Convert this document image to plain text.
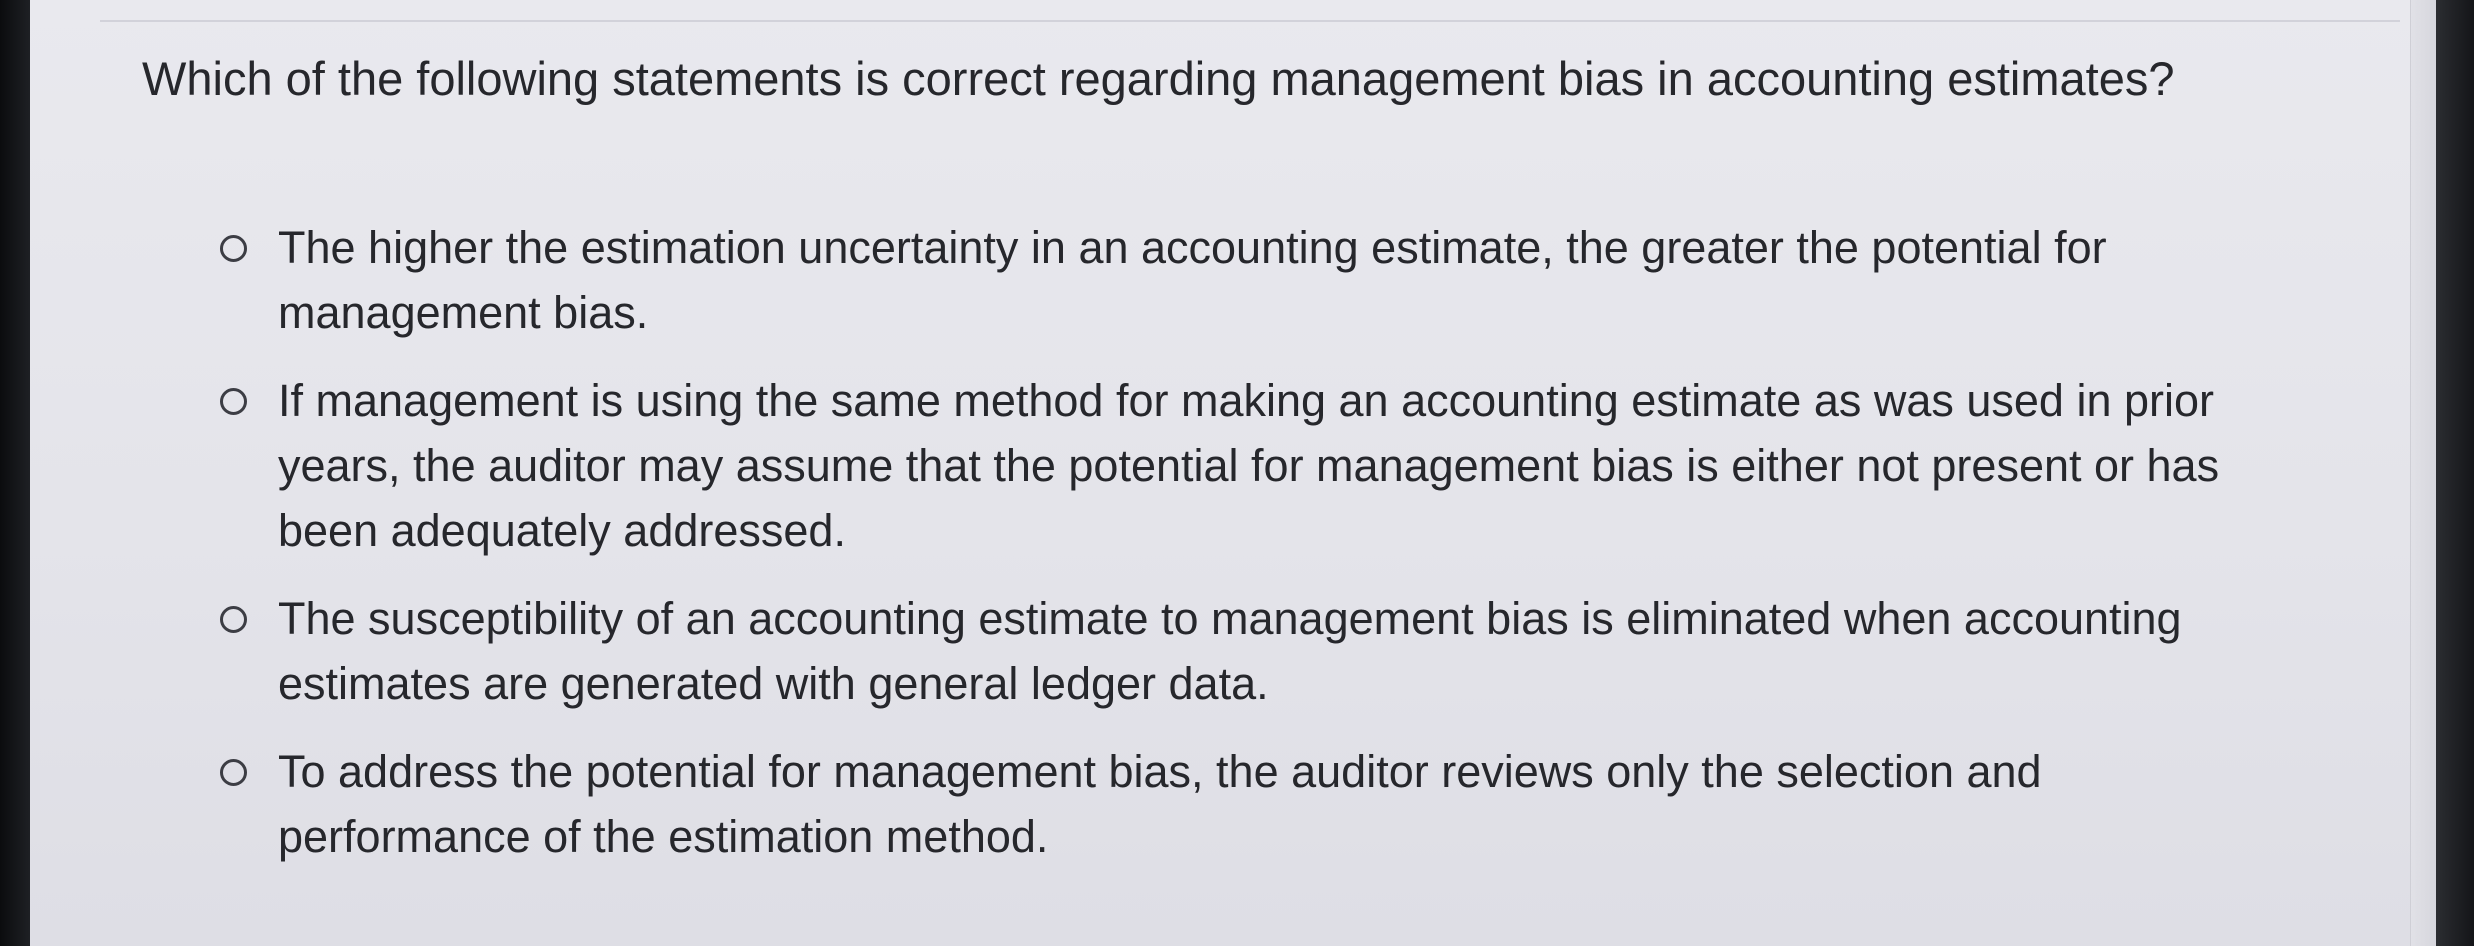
Which of the following statements is correct regarding management bias in accounting estimates?

The higher the estimation uncertainty in an accounting estimate, the greater the potential for management bias.
If management is using the same method for making an accounting estimate as was used in prior years, the auditor may assume that the potential for management bias is either not present or has been adequately addressed.
The susceptibility of an accounting estimate to management bias is eliminated when accounting estimates are generated with general ledger data.
To address the potential for management bias, the auditor reviews only the selection and performance of the estimation method.
